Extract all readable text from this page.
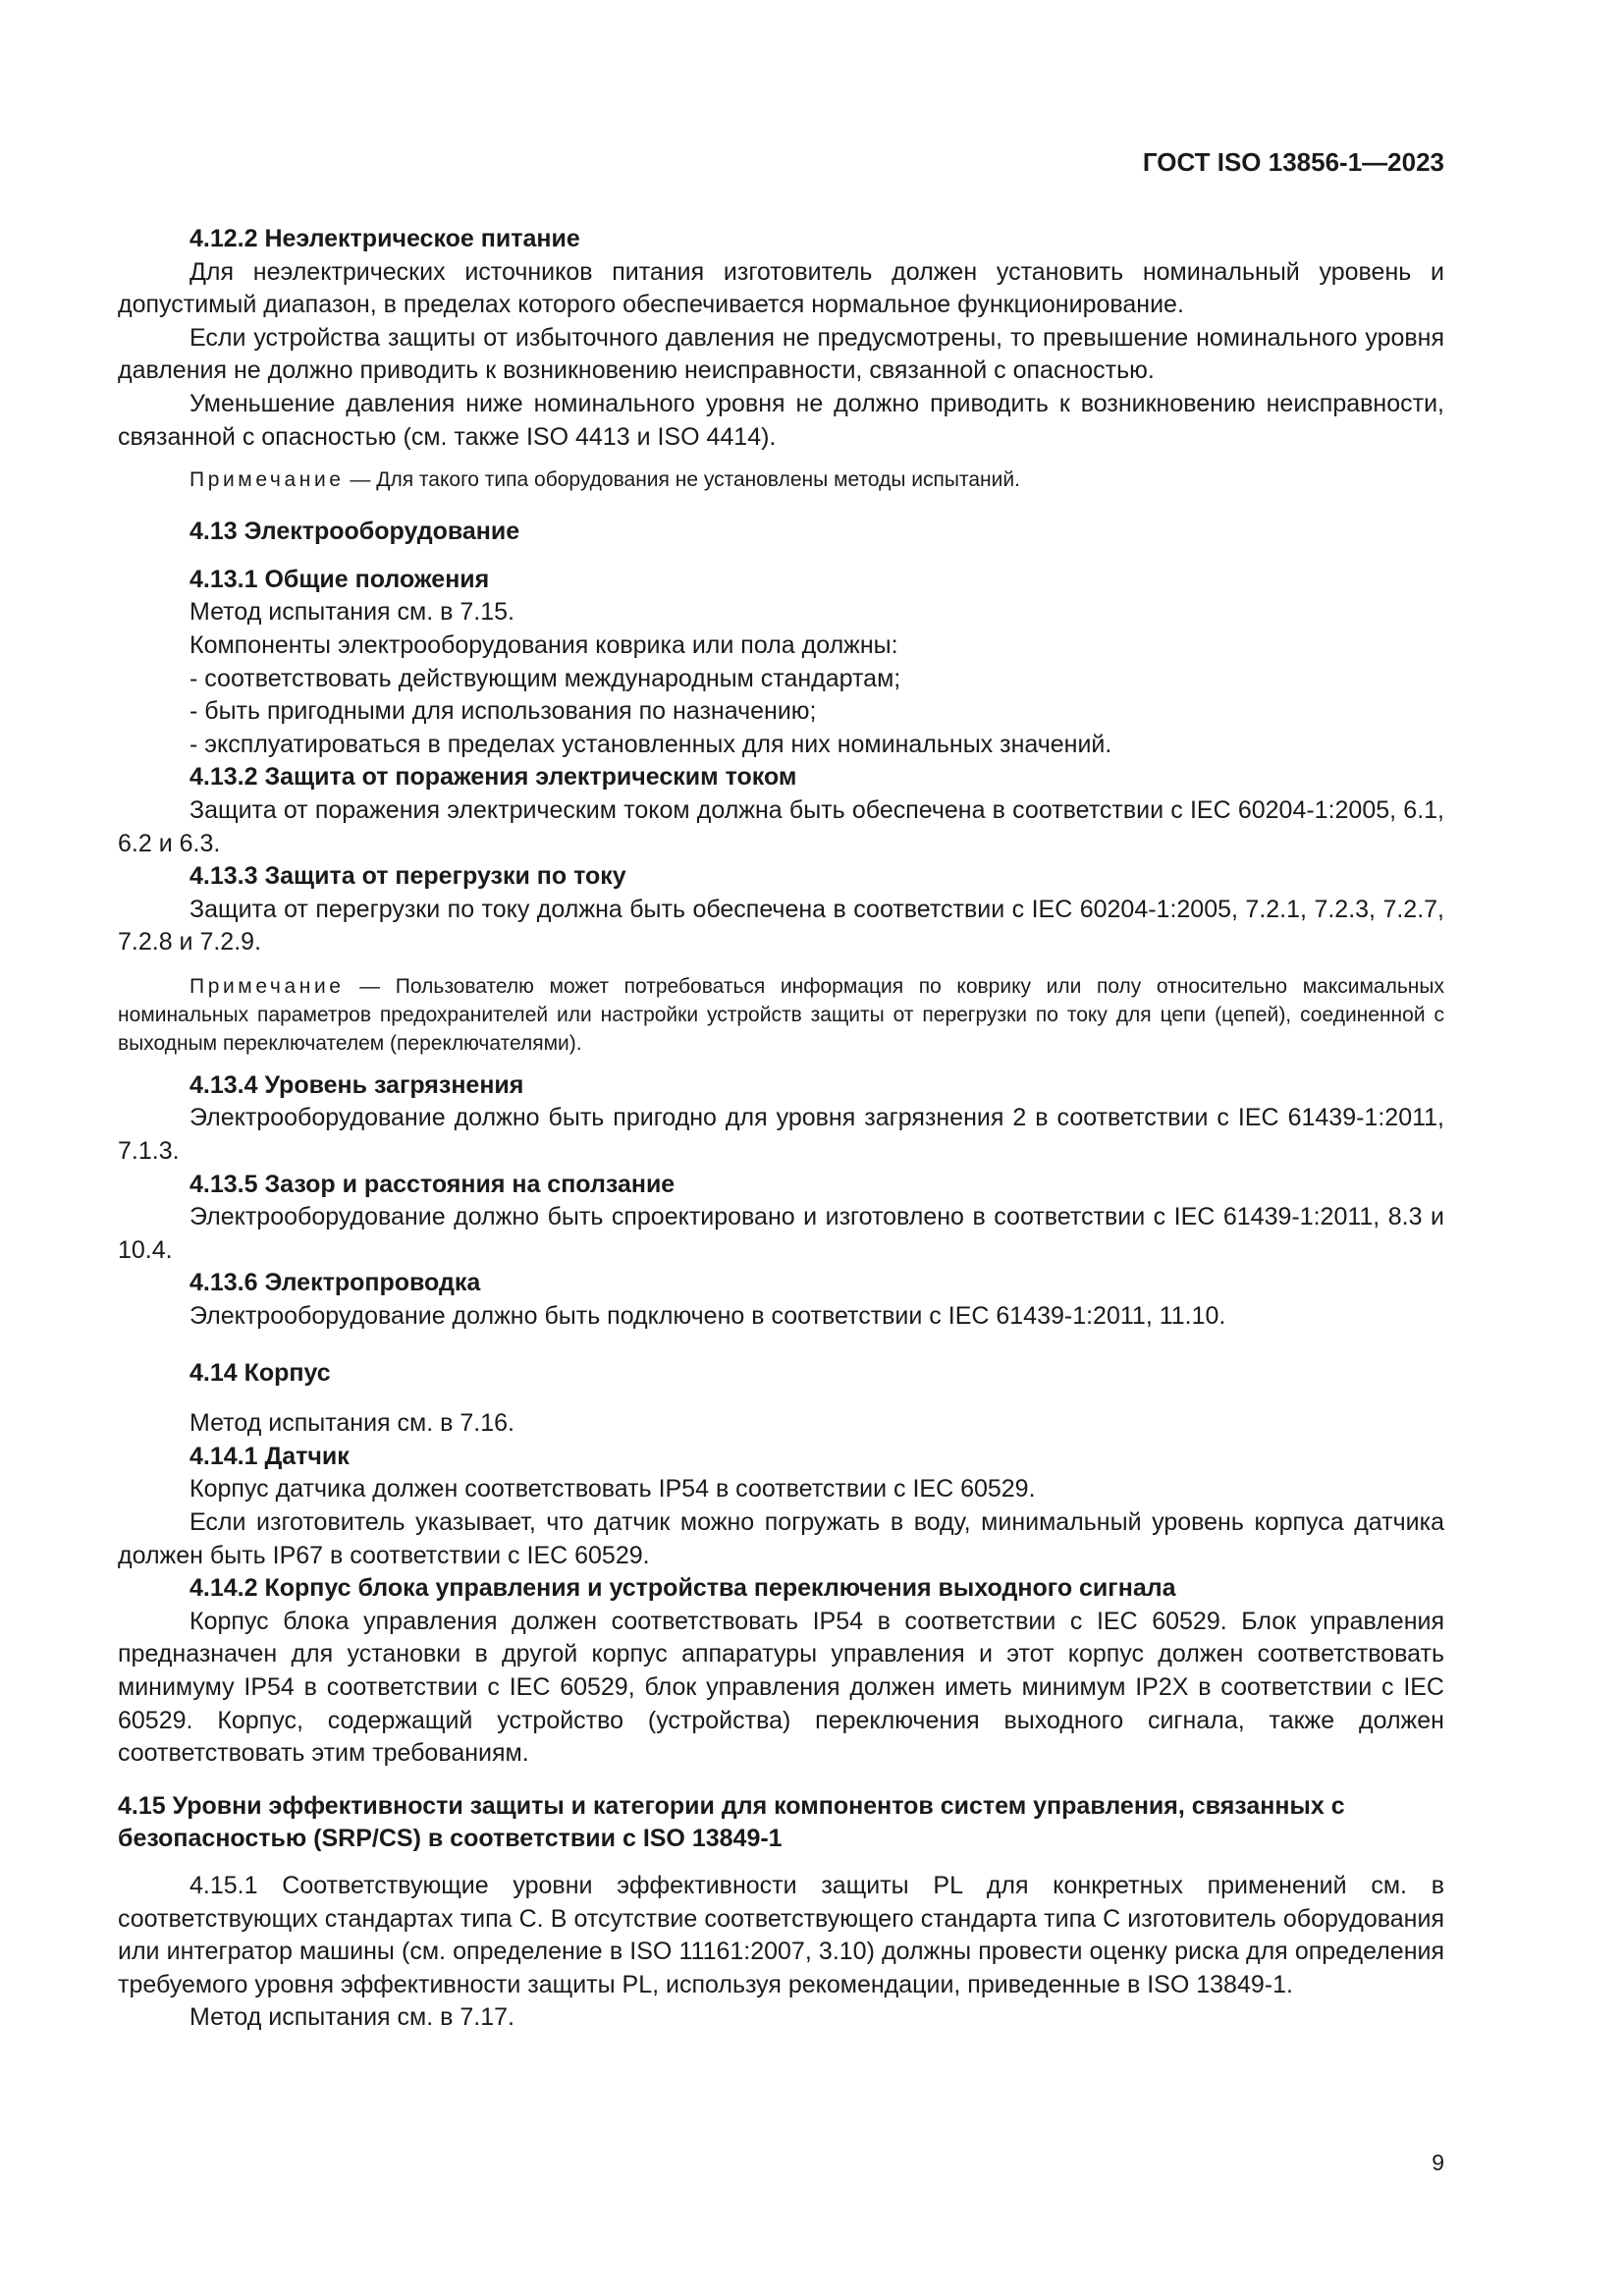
ГОСТ ISO 13856-1—2023

4.12.2 Неэлектрическое питание

Для неэлектрических источников питания изготовитель должен установить номинальный уровень и допустимый диапазон, в пределах которого обеспечивается нормальное функционирование.

Если устройства защиты от избыточного давления не предусмотрены, то превышение номинального уровня давления не должно приводить к возникновению неисправности, связанной с опасностью.

Уменьшение давления ниже номинального уровня не должно приводить к возникновению неисправности, связанной с опасностью (см. также ISO 4413 и ISO 4414).

Примечание — Для такого типа оборудования не установлены методы испытаний.

4.13 Электрооборудование

4.13.1 Общие положения

Метод испытания см. в 7.15.

Компоненты электрооборудования коврика или пола должны:

- соответствовать действующим международным стандартам;

- быть пригодными для использования по назначению;

- эксплуатироваться в пределах установленных для них номинальных значений.

4.13.2 Защита от поражения электрическим током

Защита от поражения электрическим током должна быть обеспечена в соответствии с IEC 60204-1:2005, 6.1, 6.2 и 6.3.

4.13.3 Защита от перегрузки по току

Защита от перегрузки по току должна быть обеспечена в соответствии с IEC 60204-1:2005, 7.2.1, 7.2.3, 7.2.7, 7.2.8 и 7.2.9.

Примечание — Пользователю может потребоваться информация по коврику или полу относительно максимальных номинальных параметров предохранителей или настройки устройств защиты от перегрузки по току для цепи (цепей), соединенной с выходным переключателем (переключателями).

4.13.4 Уровень загрязнения

Электрооборудование должно быть пригодно для уровня загрязнения 2 в соответствии с IEC 61439-1:2011, 7.1.3.

4.13.5 Зазор и расстояния на сползание

Электрооборудование должно быть спроектировано и изготовлено в соответствии с IEC 61439-1:2011, 8.3 и 10.4.

4.13.6 Электропроводка

Электрооборудование должно быть подключено в соответствии с IEC 61439-1:2011, 11.10.

4.14 Корпус

Метод испытания см. в 7.16.

4.14.1 Датчик

Корпус датчика должен соответствовать IP54 в соответствии с IEC 60529.

Если изготовитель указывает, что датчик можно погружать в воду, минимальный уровень корпуса датчика должен быть IP67 в соответствии с IEC 60529.

4.14.2 Корпус блока управления и устройства переключения выходного сигнала

Корпус блока управления должен соответствовать IP54 в соответствии с IEC 60529. Блок управления предназначен для установки в другой корпус аппаратуры управления и этот корпус должен соответствовать минимуму IP54 в соответствии с IEC 60529, блок управления должен иметь минимум IP2X в соответствии с IEC 60529. Корпус, содержащий устройство (устройства) переключения выходного сигнала, также должен соответствовать этим требованиям.

4.15 Уровни эффективности защиты и категории для компонентов систем управления, связанных с безопасностью (SRP/CS) в соответствии с ISO 13849-1

4.15.1 Соответствующие уровни эффективности защиты PL для конкретных применений см. в соответствующих стандартах типа С. В отсутствие соответствующего стандарта типа С изготовитель оборудования или интегратор машины (см. определение в ISO 11161:2007, 3.10) должны провести оценку риска для определения требуемого уровня эффективности защиты PL, используя рекомендации, приведенные в ISO 13849-1.

Метод испытания см. в 7.17.

9
